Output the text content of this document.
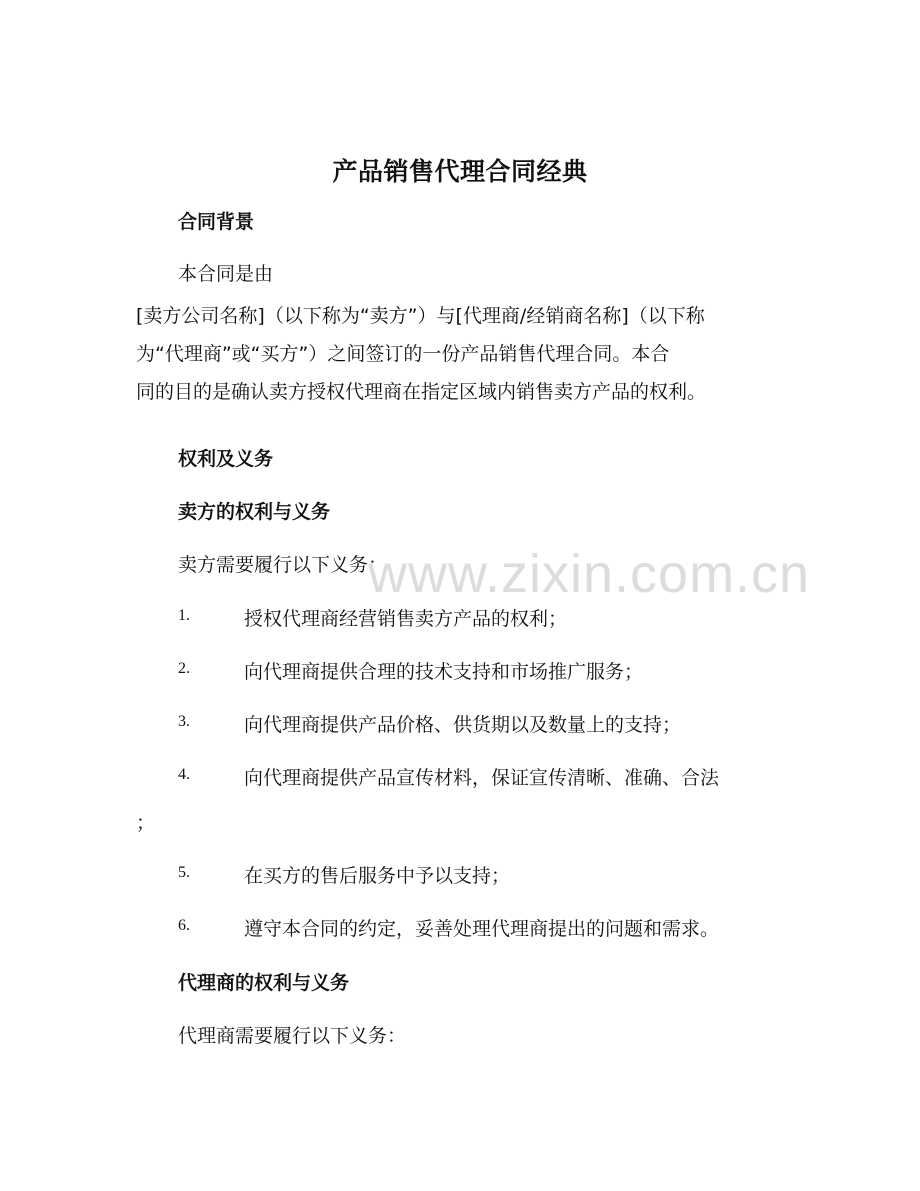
产品销售代理合同经典
合同背景
本合同是由
[卖方公司名称]（以下称为“卖方”）与[代理商/经销商名称]（以下称
为“代理商”或“买方”）之间签订的一份产品销售代理合同。本合
同的目的是确认卖方授权代理商在指定区域内销售卖方产品的权利。
权利及义务
卖方的权利与义务
卖方需要履行以下义务：
1.	授权代理商经营销售卖方产品的权利；
2.	向代理商提供合理的技术支持和市场推广服务；
3.	向代理商提供产品价格、供货期以及数量上的支持；
4.	向代理商提供产品宣传材料，保证宣传清晰、准确、合法
；
5.	在买方的售后服务中予以支持；
6.	遵守本合同的约定，妥善处理代理商提出的问题和需求。
代理商的权利与义务
代理商需要履行以下义务：
www.zixin.com.cn
